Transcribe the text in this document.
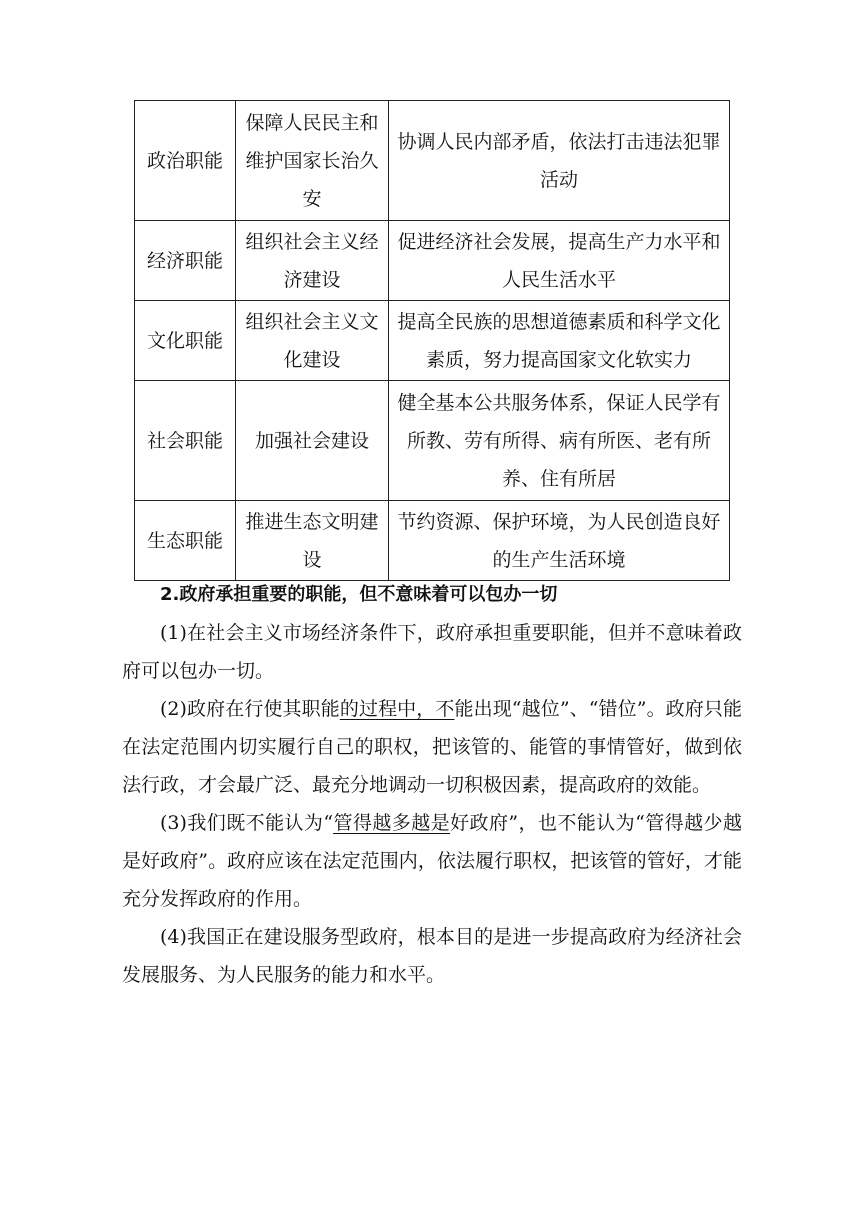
政治职能	保障人民民主和维护国家长治久安	协调人民内部矛盾，依法打击违法犯罪活动
经济职能	组织社会主义经济建设	促进经济社会发展，提高生产力水平和人民生活水平
文化职能	组织社会主义文化建设	提高全民族的思想道德素质和科学文化素质，努力提高国家文化软实力
社会职能	加强社会建设	健全基本公共服务体系，保证人民学有所教、劳有所得、病有所医、老有所养、住有所居
生态职能	推进生态文明建设	节约资源、保护环境，为人民创造良好的生产生活环境

2.政府承担重要的职能，但不意味着可以包办一切

(1)在社会主义市场经济条件下，政府承担重要职能，但并不意味着政府可以包办一切。

(2)政府在行使其职能的过程中，不能出现“越位”、“错位”。政府只能在法定范围内切实履行自己的职权，把该管的、能管的事情管好，做到依法行政，才会最广泛、最充分地调动一切积极因素，提高政府的效能。

(3)我们既不能认为“管得越多越是好政府”，也不能认为“管得越少越是好政府”。政府应该在法定范围内，依法履行职权，把该管的管好，才能充分发挥政府的作用。

(4)我国正在建设服务型政府，根本目的是进一步提高政府为经济社会发展服务、为人民服务的能力和水平。
